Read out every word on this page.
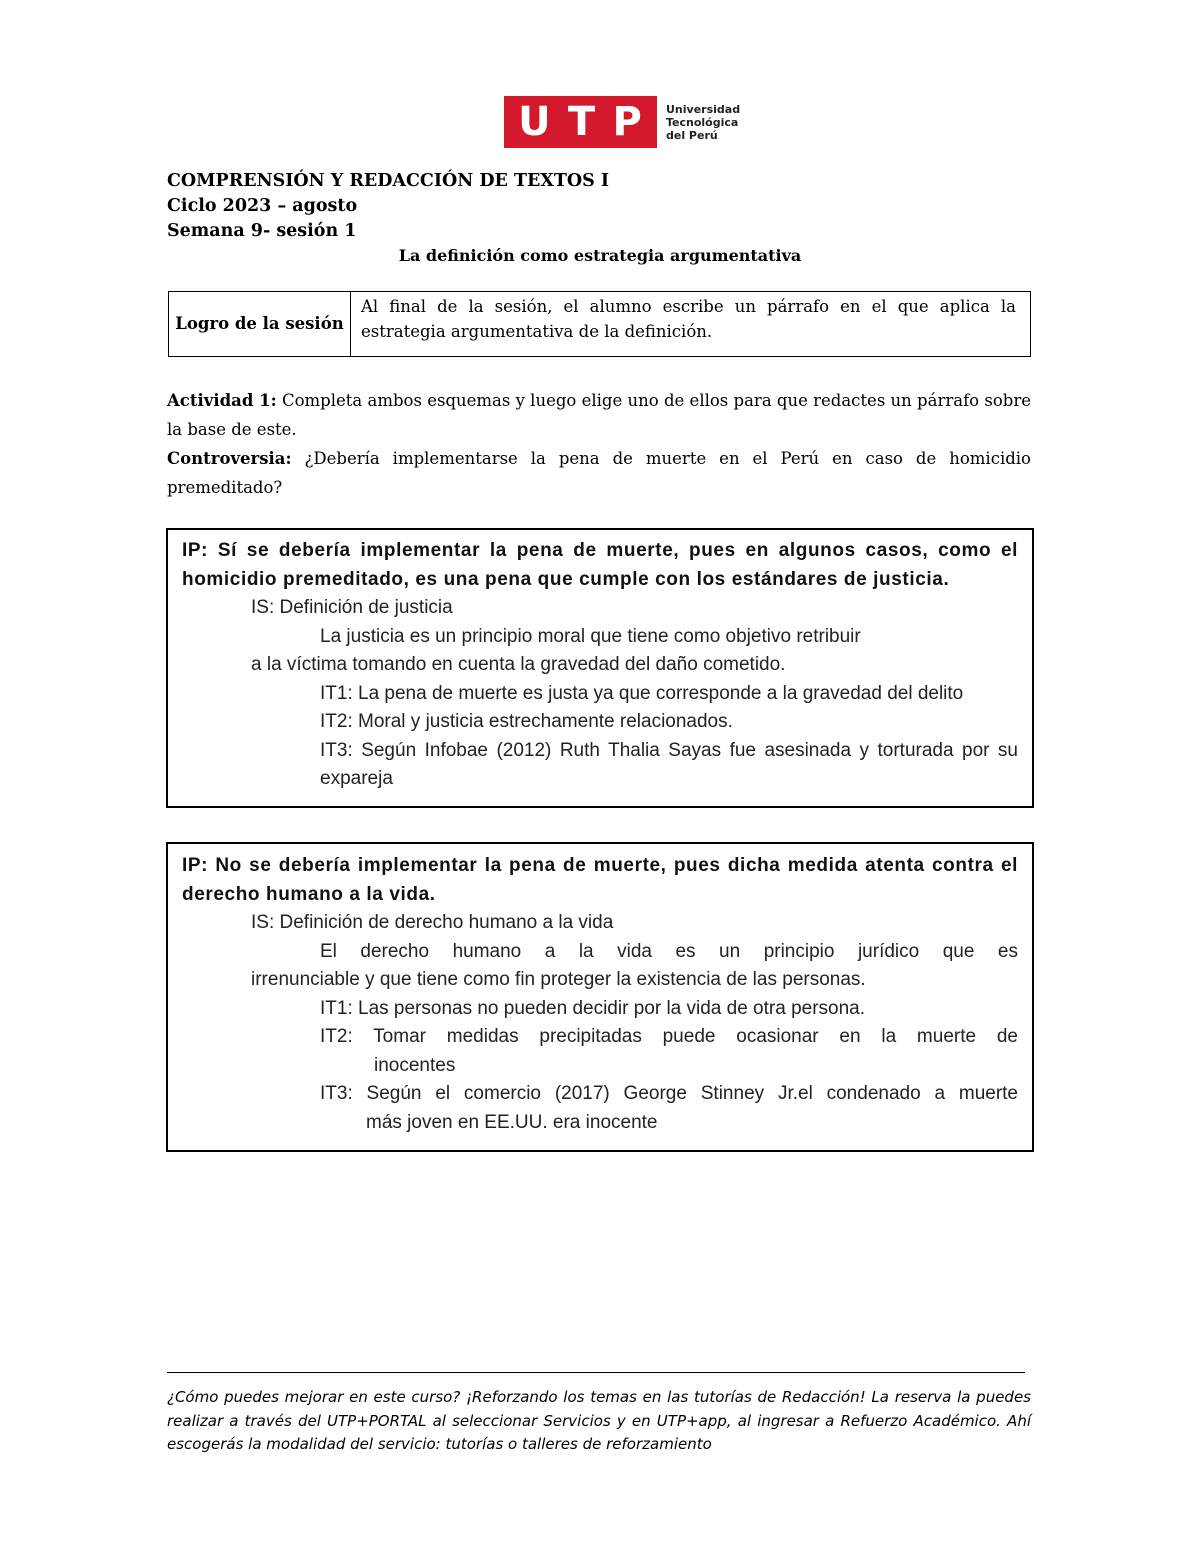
U T P Universidad
Tecnológica
del Perú
COMPRENSIÓN Y REDACCIÓN DE TEXTOS I
Ciclo 2023 – agosto
Semana 9- sesión 1
La definición como estrategia argumentativa
Logro de la sesión
Al final de la sesión, el alumno escribe un párrafo en el que aplica la estrategia argumentativa de la definición.
Actividad 1: Completa ambos esquemas y luego elige uno de ellos para que redactes un párrafo sobre la base de este.
Controversia: ¿Debería implementarse la pena de muerte en el Perú en caso de homicidio premeditado?
IP: Sí se debería implementar la pena de muerte, pues en algunos casos, como el homicidio premeditado, es una pena que cumple con los estándares de justicia.
IS: Definición de justicia
La justicia es un principio moral que tiene como objetivo retribuir
a la víctima tomando en cuenta la gravedad del daño cometido.
IT1: La pena de muerte es justa ya que corresponde a la gravedad del delito
IT2: Moral y justicia estrechamente relacionados.
IT3: Según Infobae (2012) Ruth Thalia Sayas fue asesinada y torturada por su expareja
IP: No se debería implementar la pena de muerte, pues dicha medida atenta contra el derecho humano a la vida.
IS: Definición de derecho humano a la vida
El derecho humano a la vida es un principio jurídico que es
irrenunciable y que tiene como fin proteger la existencia de las personas.
IT1: Las personas no pueden decidir por la vida de otra persona.
IT2: Tomar medidas precipitadas puede ocasionar en la muerte de
inocentes
IT3: Según el comercio (2017) George Stinney Jr.el condenado a muerte
más joven en EE.UU. era inocente
¿Cómo puedes mejorar en este curso? ¡Reforzando los temas en las tutorías de Redacción! La reserva la puedes realizar a través del UTP+PORTAL al seleccionar Servicios y en UTP+app, al ingresar a Refuerzo Académico. Ahí escogerás la modalidad del servicio: tutorías o talleres de reforzamiento
